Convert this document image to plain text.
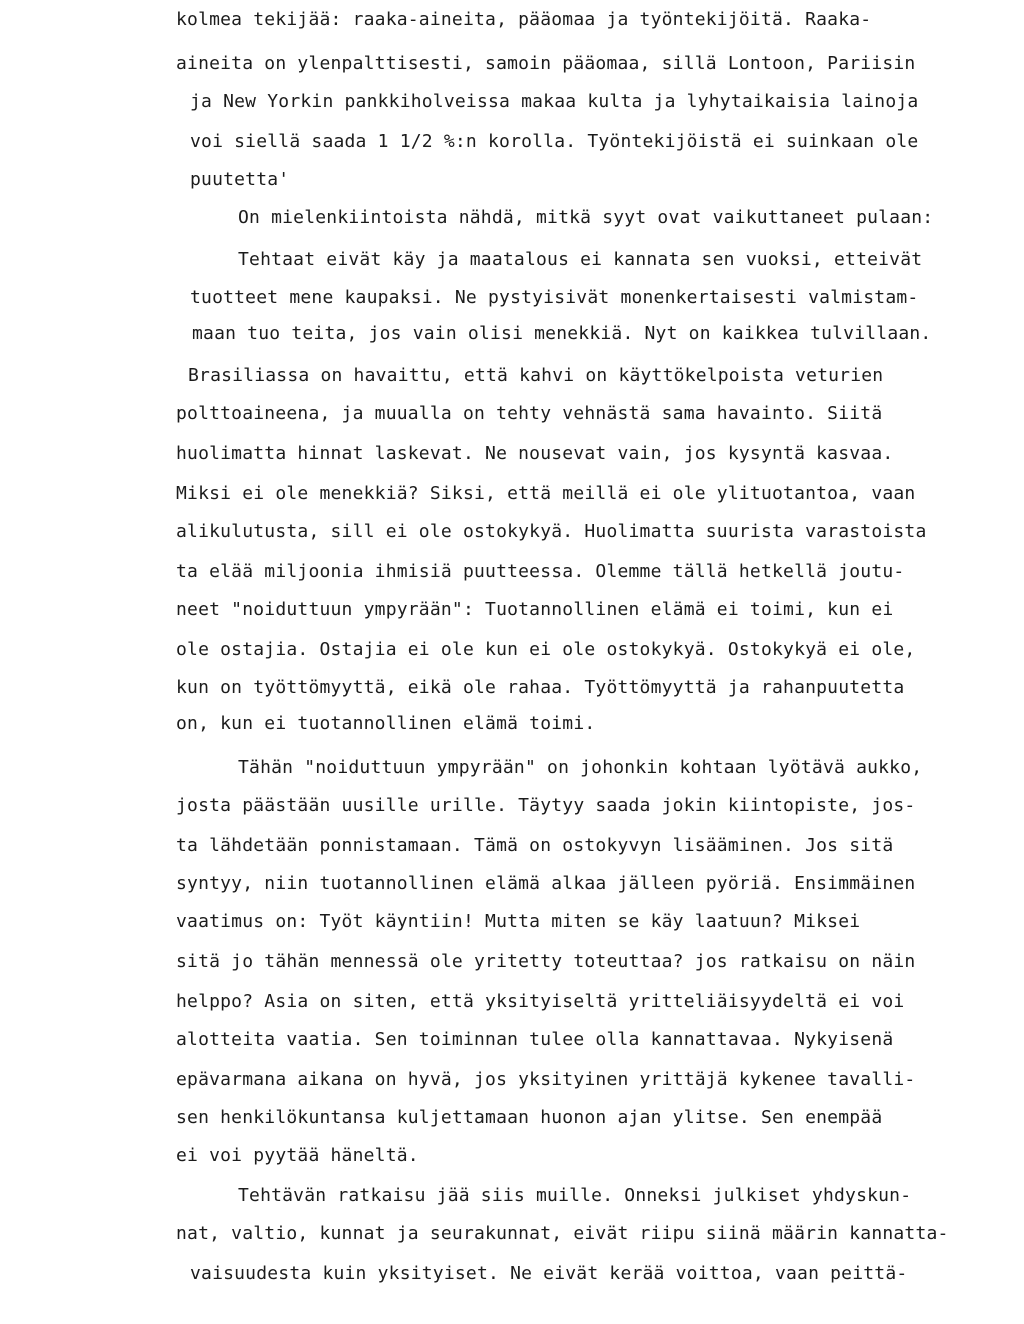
kolmea tekijää: raaka-aineita, pääomaa ja työntekijöitä. Raaka-
aineita on ylenpalttisesti, samoin pääomaa, sillä Lontoon, Pariisin
ja New Yorkin pankkiholveissa makaa kulta ja lyhytaikaisia lainoja
voi siellä saada 1 1/2 %:n korolla. Työntekijöistä ei suinkaan ole
puutetta'
On mielenkiintoista nähdä, mitkä syyt ovat vaikuttaneet pulaan:
Tehtaat eivät käy ja maatalous ei kannata sen vuoksi, etteivät
tuotteet mene kaupaksi. Ne pystyisivät monenkertaisesti valmistam-
maan tuo teita, jos vain olisi menekkiä. Nyt on kaikkea tulvillaan.
Brasiliassa on havaittu, että kahvi on käyttökelpoista veturien
polttoaineena, ja muualla on tehty vehnästä sama havainto. Siitä
huolimatta hinnat laskevat. Ne nousevat vain, jos kysyntä kasvaa.
Miksi ei ole menekkiä? Siksi, että meillä ei ole ylituotantoa, vaan
alikulutusta, sill ei ole ostokykyä. Huolimatta suurista varastoista
ta elää miljoonia ihmisiä puutteessa. Olemme tällä hetkellä joutu-
neet "noiduttuun ympyrään": Tuotannollinen elämä ei toimi, kun ei
ole ostajia. Ostajia ei ole kun ei ole ostokykyä. Ostokykyä ei ole,
kun on työttömyyttä, eikä ole rahaa. Työttömyyttä ja rahanpuutetta
on, kun ei tuotannollinen elämä toimi.
Tähän "noiduttuun ympyrään" on johonkin kohtaan lyötävä aukko,
josta päästään uusille urille. Täytyy saada jokin kiintopiste, jos-
ta lähdetään ponnistamaan. Tämä on ostokyvyn lisääminen. Jos sitä
syntyy, niin tuotannollinen elämä alkaa jälleen pyöriä. Ensimmäinen
vaatimus on: Työt käyntiin! Mutta miten se käy laatuun? Miksei
sitä jo tähän mennessä ole yritetty toteuttaa? jos ratkaisu on näin
helppo? Asia on siten, että yksityiseltä yritteliäisyydeltä ei voi
alotteita vaatia. Sen toiminnan tulee olla kannattavaa. Nykyisenä
epävarmana aikana on hyvä, jos yksityinen yrittäjä kykenee tavalli-
sen henkilökuntansa kuljettamaan huonon ajan ylitse. Sen enempää
ei voi pyytää häneltä.
Tehtävän ratkaisu jää siis muille. Onneksi julkiset yhdyskun-
nat, valtio, kunnat ja seurakunnat, eivät riipu siinä määrin kannatta-
vaisuudesta kuin yksityiset. Ne eivät kerää voittoa, vaan peittä-
